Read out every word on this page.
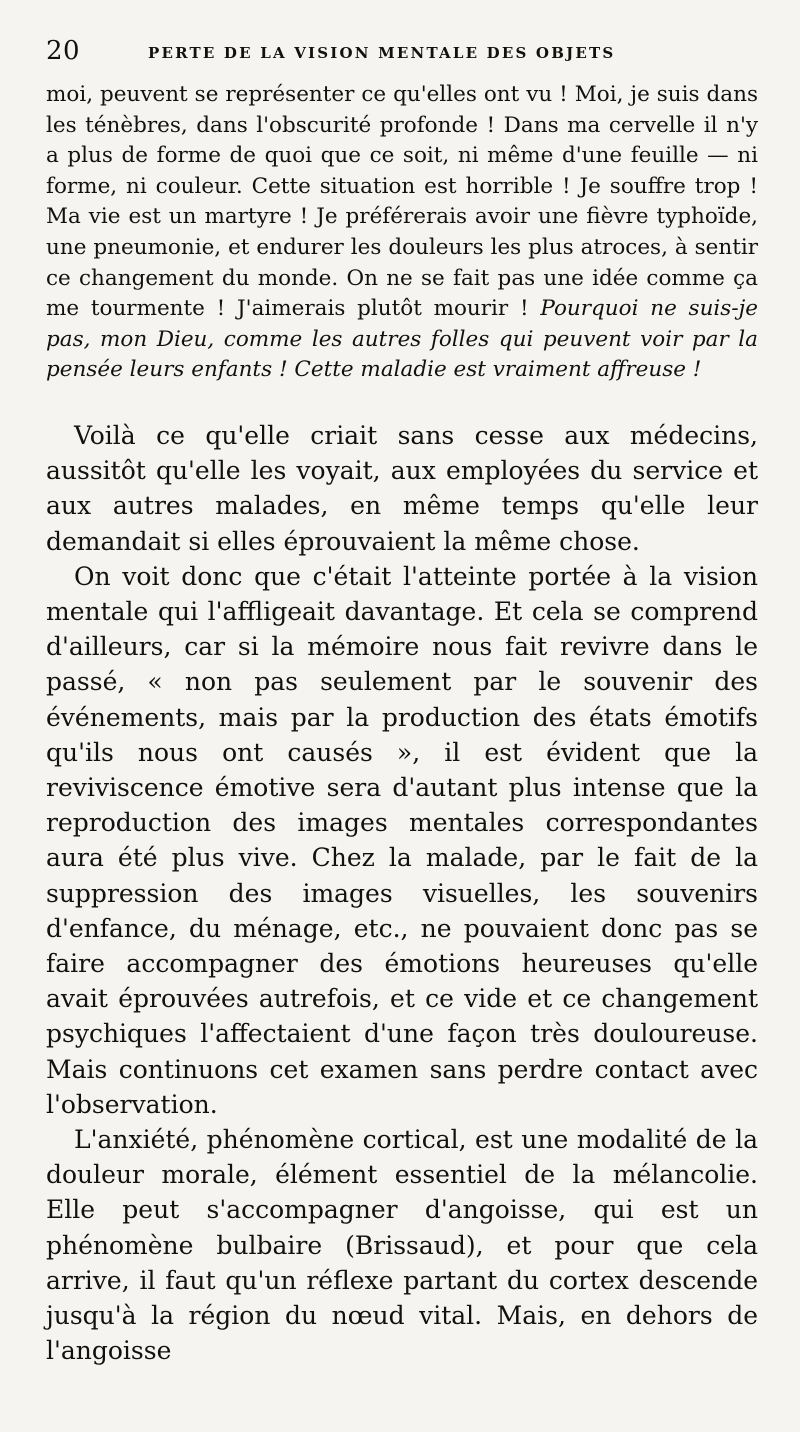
20	PERTE DE LA VISION MENTALE DES OBJETS

moi, peuvent se représenter ce qu'elles ont vu ! Moi, je suis dans les ténèbres, dans l'obscurité profonde ! Dans ma cervelle il n'y a plus de forme de quoi que ce soit, ni même d'une feuille — ni forme, ni couleur. Cette situation est horrible ! Je souffre trop ! Ma vie est un martyre ! Je préférerais avoir une fièvre typhoïde, une pneumonie, et endurer les douleurs les plus atroces, à sentir ce changement du monde. On ne se fait pas une idée comme ça me tourmente ! J'aimerais plutôt mourir ! Pourquoi ne suis-je pas, mon Dieu, comme les autres folles qui peuvent voir par la pensée leurs enfants ! Cette maladie est vraiment affreuse !

Voilà ce qu'elle criait sans cesse aux médecins, aussitôt qu'elle les voyait, aux employées du service et aux autres malades, en même temps qu'elle leur demandait si elles éprouvaient la même chose.

On voit donc que c'était l'atteinte portée à la vision mentale qui l'affligeait davantage. Et cela se comprend d'ailleurs, car si la mémoire nous fait revivre dans le passé, « non pas seulement par le souvenir des événements, mais par la production des états émotifs qu'ils nous ont causés », il est évident que la reviviscence émotive sera d'autant plus intense que la reproduction des images mentales correspondantes aura été plus vive. Chez la malade, par le fait de la suppression des images visuelles, les souvenirs d'enfance, du ménage, etc., ne pouvaient donc pas se faire accompagner des émotions heureuses qu'elle avait éprouvées autrefois, et ce vide et ce changement psychiques l'affectaient d'une façon très douloureuse. Mais continuons cet examen sans perdre contact avec l'observation.

L'anxiété, phénomène cortical, est une modalité de la douleur morale, élément essentiel de la mélancolie. Elle peut s'accompagner d'angoisse, qui est un phénomène bulbaire (Brissaud), et pour que cela arrive, il faut qu'un réflexe partant du cortex descende jusqu'à la région du nœud vital. Mais, en dehors de l'angoisse
